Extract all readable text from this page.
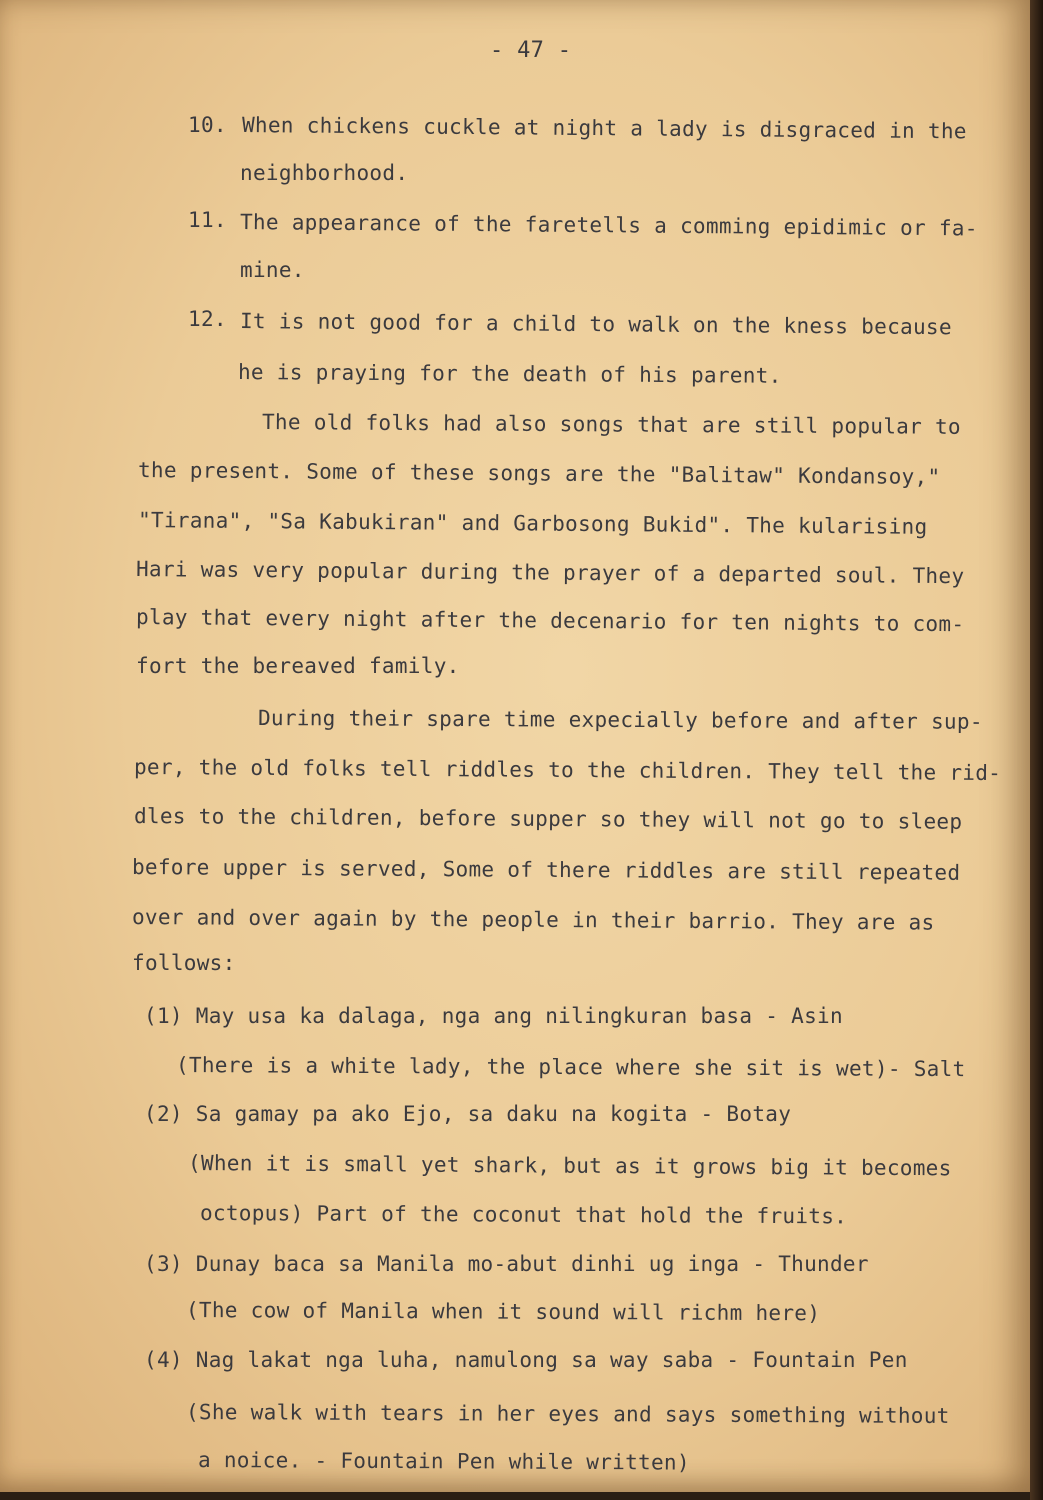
- 47 -
10. When chickens cuckle at night a lady is disgraced in the
neighborhood.
11. The appearance of the faretells a comming epidimic or fa-
mine.
12. It is not good for a child to walk on the kness because
he is praying for the death of his parent.
The old folks had also songs that are still popular to
the present. Some of these songs are the "Balitaw" Kondansoy,"
"Tirana", "Sa Kabukiran" and Garbosong Bukid". The kularising
Hari was very popular during the prayer of a departed soul. They
play that every night after the decenario for ten nights to com-
fort the bereaved family.
During their spare time expecially before and after sup-
per, the old folks tell riddles to the children. They tell the rid-
dles to the children, before supper so they will not go to sleep
before upper is served, Some of there riddles are still repeated
over and over again by the people in their barrio. They are as
follows:
(1) May usa ka dalaga, nga ang nilingkuran basa - Asin
(There is a white lady, the place where she sit is wet)- Salt
(2) Sa gamay pa ako Ejo, sa daku na kogita - Botay
(When it is small yet shark, but as it grows big it becomes
octopus) Part of the coconut that hold the fruits.
(3) Dunay baca sa Manila mo-abut dinhi ug inga - Thunder
(The cow of Manila when it sound will richm here)
(4) Nag lakat nga luha, namulong sa way saba - Fountain Pen
(She walk with tears in her eyes and says something without
a noice. - Fountain Pen while written)
